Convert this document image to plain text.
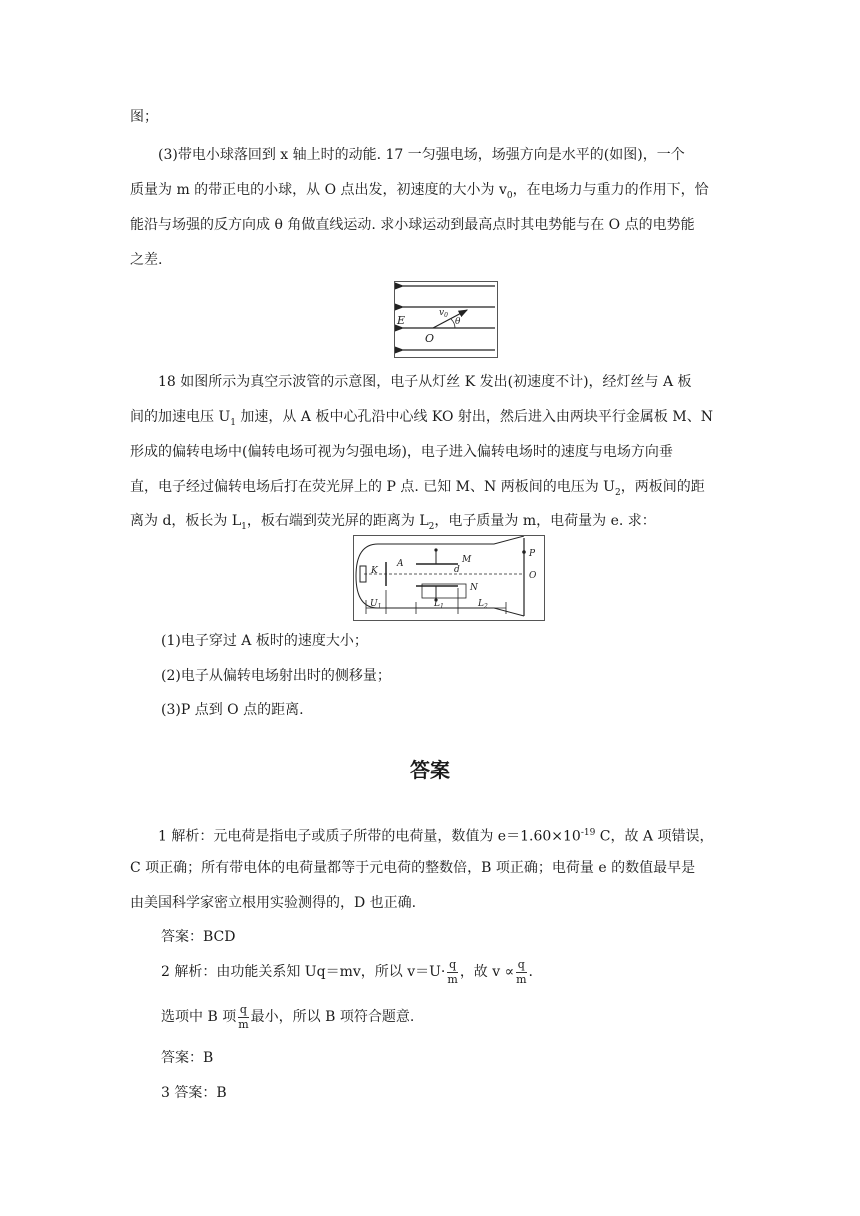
图；
(3)带电小球落回到 x 轴上时的动能. 17 一匀强电场，场强方向是水平的(如图)，一个
质量为 m 的带正电的小球，从 O 点出发，初速度的大小为 $v_0$，在电场力与重力的作用下，恰
能沿与场强的反方向成 θ 角做直线运动. 求小球运动到最高点时其电势能与在 O 点的电势能
之差.
E
O
$v_0$
θ
18 如图所示为真空示波管的示意图，电子从灯丝 K 发出(初速度不计)，经灯丝与 A 板
间的加速电压 $U_1$ 加速，从 A 板中心孔沿中心线 KO 射出，然后进入由两块平行金属板 M、N
形成的偏转电场中(偏转电场可视为匀强电场)，电子进入偏转电场时的速度与电场方向垂
直，电子经过偏转电场后打在荧光屏上的 P 点. 已知 M、N 两板间的电压为 $U_2$，两板间的距
离为 d，板长为 $L_1$，板右端到荧光屏的距离为 $L_2$，电子质量为 m，电荷量为 e. 求：
K
A	M
d
N
P
O
$U_1$	$L_1$	$L_2$
(1)电子穿过 A 板时的速度大小；
(2)电子从偏转电场射出时的侧移量；
(3)P 点到 O 点的距离.
答案
1 解析：元电荷是指电子或质子所带的电荷量，数值为 $e=1.60\times 10^{-19}$ C，故 A 项错误，
C 项正确；所有带电体的电荷量都等于元电荷的整数倍，B 项正确；电荷量 e 的数值最早是
由美国科学家密立根用实验测得的，D 也正确.
答案：BCD
2 解析：由功能关系知 Uq＝mv，所以 $v=U\cdot \frac{q}{m}$ ，故 $v \propto \frac{q}{m}$ .
选项中 B 项 $\frac{q}{m}$ 最小，所以 B 项符合题意.
答案：B
3 答案：B
